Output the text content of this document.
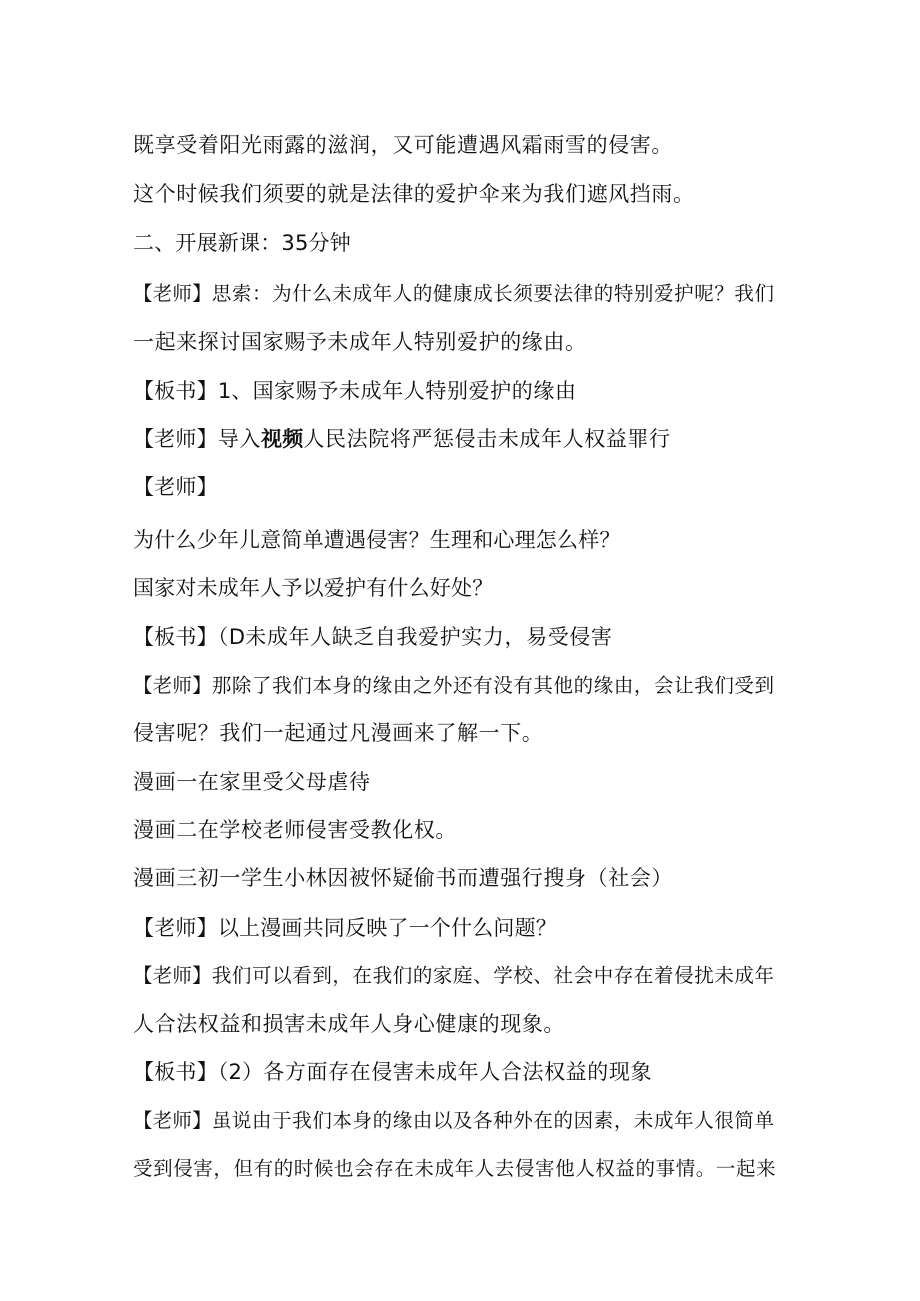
既享受着阳光雨露的滋润，又可能遭遇风霜雨雪的侵害。
这个时候我们须要的就是法律的爱护伞来为我们遮风挡雨。
二、开展新课：35分钟
【老师】思索：为什么未成年人的健康成长须要法律的特别爱护呢？我们
一起来探讨国家赐予未成年人特别爱护的缘由。
【板书】1、国家赐予未成年人特别爱护的缘由
【老师】导入视频人民法院将严惩侵击未成年人权益罪行
【老师】
为什么少年儿意简单遭遇侵害？生理和心理怎么样？
国家对未成年人予以爱护有什么好处？
【板书】（D未成年人缺乏自我爱护实力，易受侵害
【老师】那除了我们本身的缘由之外还有没有其他的缘由，会让我们受到
侵害呢？我们一起通过凡漫画来了解一下。
漫画一在家里受父母虐待
漫画二在学校老师侵害受教化权。
漫画三初一学生小林因被怀疑偷书而遭强行搜身（社会）
【老师】以上漫画共同反映了一个什么问题？
【老师】我们可以看到，在我们的家庭、学校、社会中存在着侵扰未成年
人合法权益和损害未成年人身心健康的现象。
【板书】（2）各方面存在侵害未成年人合法权益的现象
【老师】虽说由于我们本身的缘由以及各种外在的因素，未成年人很简单
受到侵害，但有的时候也会存在未成年人去侵害他人权益的事情。一起来
